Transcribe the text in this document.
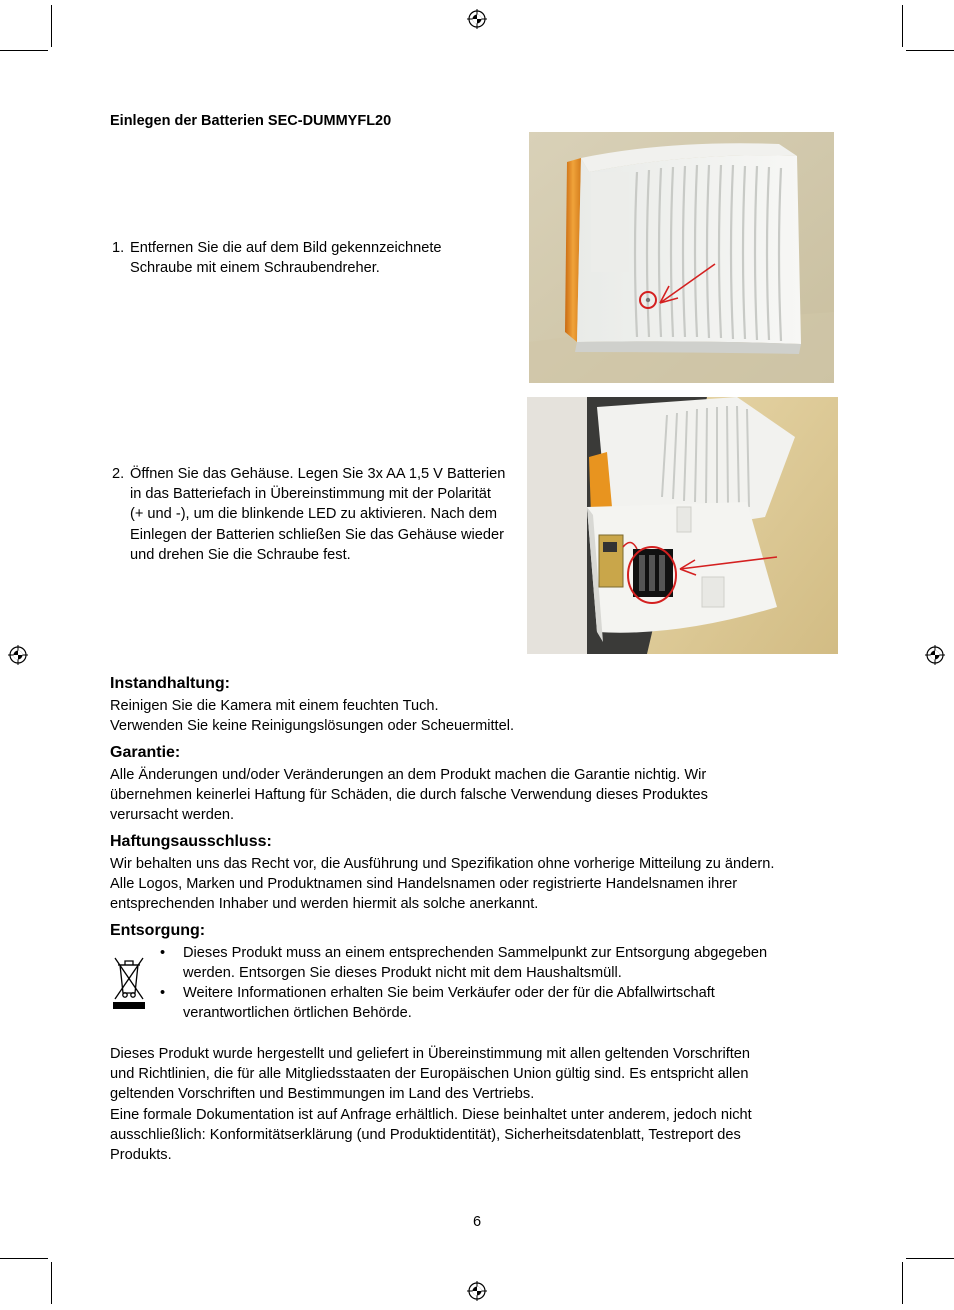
Einlegen der Batterien SEC-DUMMYFL20
1. Entfernen Sie die auf dem Bild gekennzeichnete Schraube mit einem Schraubendreher.
2. Öffnen Sie das Gehäuse. Legen Sie 3x AA 1,5 V Batterien in das Batteriefach in Übereinstimmung mit der Polarität (+ und -), um die blinkende LED zu aktivieren. Nach dem Einlegen der Batterien schließen Sie das Gehäuse wieder und drehen Sie die Schraube fest.
Instandhaltung:
Reinigen Sie die Kamera mit einem feuchten Tuch.
Verwenden Sie keine Reinigungslösungen oder Scheuermittel.
Garantie:
Alle Änderungen und/oder Veränderungen an dem Produkt machen die Garantie nichtig. Wir
übernehmen keinerlei Haftung für Schäden, die durch falsche Verwendung dieses Produktes
verursacht werden.
Haftungsausschluss:
Wir behalten uns das Recht vor, die Ausführung und Spezifikation ohne vorherige Mitteilung zu ändern.
Alle Logos, Marken und Produktnamen sind Handelsnamen oder registrierte Handelsnamen ihrer
entsprechenden Inhaber und werden hiermit als solche anerkannt.
Entsorgung:
• Dieses Produkt muss an einem entsprechenden Sammelpunkt zur Entsorgung abgegeben
werden. Entsorgen Sie dieses Produkt nicht mit dem Haushaltsmüll.
• Weitere Informationen erhalten Sie beim Verkäufer oder der für die Abfallwirtschaft
verantwortlichen örtlichen Behörde.
Dieses Produkt wurde hergestellt und geliefert in Übereinstimmung mit allen geltenden Vorschriften
und Richtlinien, die für alle Mitgliedsstaaten der Europäischen Union gültig sind. Es entspricht allen
geltenden Vorschriften und Bestimmungen im Land des Vertriebs.
Eine formale Dokumentation ist auf Anfrage erhältlich. Diese beinhaltet unter anderem, jedoch nicht
ausschließlich: Konformitätserklärung (und Produktidentität), Sicherheitsdatenblatt, Testreport des
Produkts.
6
